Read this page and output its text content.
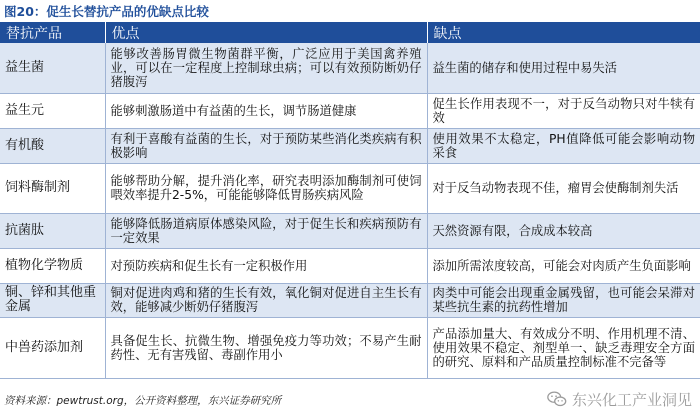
图20：促生长替抗产品的优缺点比较
替抗产品	优点	缺点
益生菌	能够改善肠胃微生物菌群平衡，广泛应用于美国禽养殖业，可以在一定程度上控制球虫病；可以有效预防断奶仔猪腹泻	益生菌的储存和使用过程中易失活
益生元	能够刺激肠道中有益菌的生长，调节肠道健康	促生长作用表现不一，对于反刍动物只对牛犊有效
有机酸	有利于喜酸有益菌的生长，对于预防某些消化类疾病有积极影响	使用效果不太稳定，PH值降低可能会影响动物采食
饲料酶制剂	能够帮助分解，提升消化率，研究表明添加酶制剂可使饲喂效率提升2-5%，可能能够降低胃肠疾病风险	对于反刍动物表现不佳，瘤胃会使酶制剂失活
抗菌肽	能够降低肠道病原体感染风险，对于促生长和疾病预防有一定效果	天然资源有限，合成成本较高
植物化学物质	对预防疾病和促生长有一定积极作用	添加所需浓度较高，可能会对肉质产生负面影响
铜、锌和其他重金属	铜对促进肉鸡和猪的生长有效，氧化铜对促进自主生长有效，能够减少断奶仔猪腹泻	肉类中可能会出现重金属残留，也可能会呆滞对某些抗生素的抗药性增加
中兽药添加剂	具备促生长、抗微生物、增强免疫力等功效；不易产生耐药性、无有害残留、毒副作用小	产品添加量大、有效成分不明、作用机理不清、使用效果不稳定、剂型单一、缺乏毒理安全方面的研究、原料和产品质量控制标准不完备等
资料来源：pewtrust.org，公开资料整理，东兴证券研究所	东兴化工产业洞见
